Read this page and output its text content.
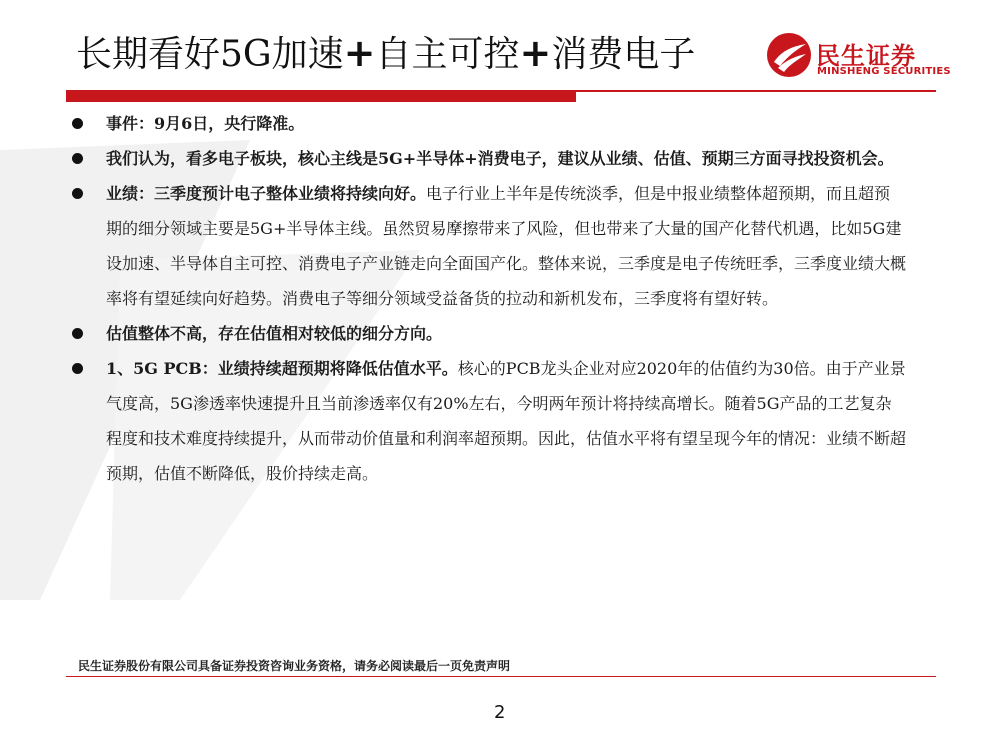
长期看好5G加速+自主可控+消费电子	民生证券
MINSHENG SECURITIES
事件：9月6日，央行降准。
我们认为，看多电子板块，核心主线是5G+半导体+消费电子，建议从业绩、估值、预期三方面寻找投资机会。
业绩：三季度预计电子整体业绩将持续向好。电子行业上半年是传统淡季，但是中报业绩整体超预期，而且超预期的细分领域主要是5G+半导体主线。虽然贸易摩擦带来了风险，但也带来了大量的国产化替代机遇，比如5G建设加速、半导体自主可控、消费电子产业链走向全面国产化。整体来说，三季度是电子传统旺季，三季度业绩大概率将有望延续向好趋势。消费电子等细分领域受益备货的拉动和新机发布，三季度将有望好转。
估值整体不高，存在估值相对较低的细分方向。
1、5G PCB：业绩持续超预期将降低估值水平。核心的PCB龙头企业对应2020年的估值约为30倍。由于产业景气度高，5G渗透率快速提升且当前渗透率仅有20%左右，今明两年预计将持续高增长。随着5G产品的工艺复杂程度和技术难度持续提升，从而带动价值量和利润率超预期。因此，估值水平将有望呈现今年的情况：业绩不断超预期，估值不断降低，股价持续走高。
民生证券股份有限公司具备证券投资咨询业务资格，请务必阅读最后一页免责声明
2
